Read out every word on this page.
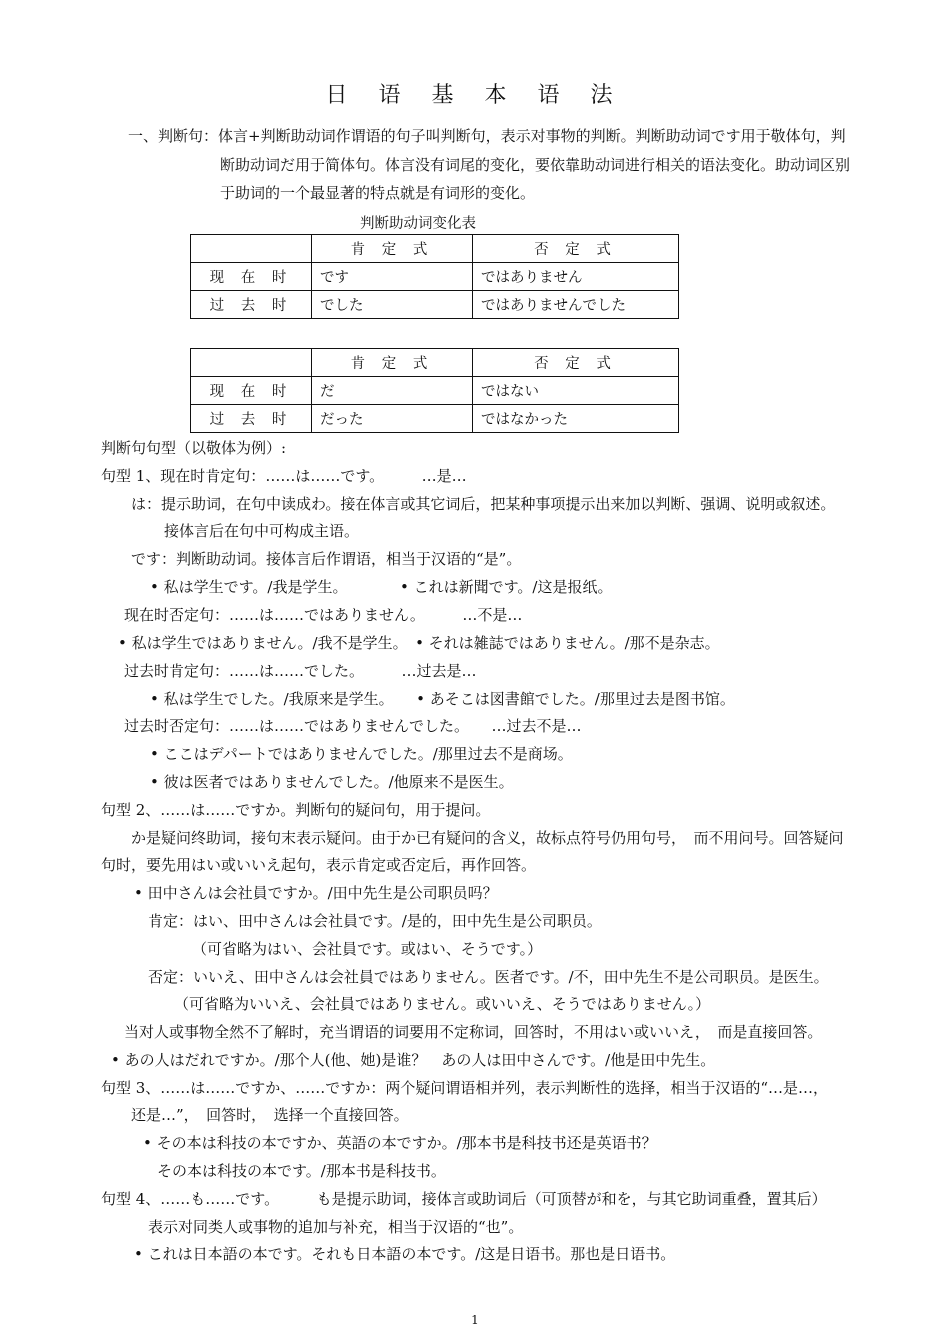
日 语 基 本 语 法
一、判断句：体言+判断助动词作谓语的句子叫判断句，表示对事物的判断。判断助动词です用于敬体句，判
断助动词だ用于简体句。体言没有词尾的变化，要依靠助动词进行相关的语法变化。助动词区别
于助词的一个最显著的特点就是有词形的变化。
判断助动词变化表
	肯 定 式	否 定 式
现 在 时	です	ではありません
过 去 时	でした	ではありませんでした
	肯 定 式	否 定 式
现 在 时	だ	ではない
过 去 时	だった	ではなかった
判断句句型（以敬体为例）:
句型 1、现在时肯定句：……は……です。　　　…是…
は：提示助词，在句中读成わ。接在体言或其它词后，把某种事项提示出来加以判断、强调、说明或叙述。
接体言后在句中可构成主语。
です：判断助动词。接体言后作谓语，相当于汉语的“是”。
• 私は学生です。/我是学生。　　　　• これは新聞です。/这是报纸。
现在时否定句：……は……ではありません。　　　…不是…
• 私は学生ではありません。/我不是学生。　• それは雑誌ではありません。/那不是杂志。
过去时肯定句：……は……でした。　　　…过去是…
• 私は学生でした。/我原来是学生。　　• あそこは図書館でした。/那里过去是图书馆。
过去时否定句：……は……ではありませんでした。　　…过去不是…
• ここはデパートではありませんでした。/那里过去不是商场。
• 彼は医者ではありませんでした。/他原来不是医生。
句型 2、……は……ですか。判断句的疑问句，用于提问。
か是疑问终助词，接句末表示疑问。由于か已有疑问的含义，故标点符号仍用句号，　而不用问号。回答疑问
句时，要先用はい或いいえ起句，表示肯定或否定后，再作回答。
• 田中さんは会社員ですか。/田中先生是公司职员吗？
肯定：はい、田中さんは会社員です。/是的，田中先生是公司职员。
（可省略为はい、会社員です。或はい、そうです。）
否定：いいえ、田中さんは会社員ではありません。医者です。/不，田中先生不是公司职员。是医生。
（可省略为いいえ、会社員ではありません。或いいえ、そうではありません。）
当对人或事物全然不了解时，充当谓语的词要用不定称词，回答时，不用はい或いいえ，　而是直接回答。
• あの人はだれですか。/那个人(他、她)是谁？　あの人は田中さんです。/他是田中先生。
句型 3、……は……ですか、……ですか：两个疑问谓语相并列，表示判断性的选择，相当于汉语的“…是…，
还是…”，　回答时，　选择一个直接回答。
• その本は科技の本ですか、英語の本ですか。/那本书是科技书还是英语书？
その本は科技の本です。/那本书是科技书。
句型 4、……も……です。　　　も是提示助词，接体言或助词后（可顶替が和を，与其它助词重叠，置其后）
表示对同类人或事物的追加与补充，相当于汉语的“也”。
• これは日本語の本です。それも日本語の本です。/这是日语书。那也是日语书。
1
